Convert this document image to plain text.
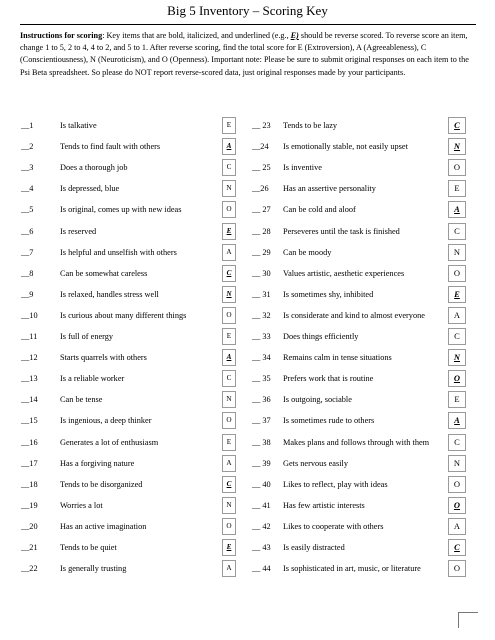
Big 5 Inventory – Scoring Key
Instructions for scoring: Key items that are bold, italicized, and underlined (e.g., E) should be reverse scored. To reverse score an item, change 1 to 5, 2 to 4, 4 to 2, and 5 to 1. After reverse scoring, find the total score for E (Extroversion), A (Agreeableness), C (Conscientiousness), N (Neuroticism), and O (Openness). Important note: Please be sure to submit original responses on each item to the Psi Beta spreadsheet. So please do NOT report reverse-scored data, just original responses made by your participants.
__1	Is talkative	E
__2	Tends to find fault with others	A
__3	Does a thorough job	C
__4	Is depressed, blue	N
__5	Is original, comes up with new ideas	O
__6	Is reserved	E
__7	Is helpful and unselfish with others	A
__8	Can be somewhat careless	C
__9	Is relaxed, handles stress well	N
__10	Is curious about many different things	O
__11	Is full of energy	E
__12	Starts quarrels with others	A
__13	Is a reliable worker	C
__14	Can be tense	N
__15	Is ingenious, a deep thinker	O
__16	Generates a lot of enthusiasm	E
__17	Has a forgiving nature	A
__18	Tends to be disorganized	C
__19	Worries a lot	N
__20	Has an active imagination	O
__21	Tends to be quiet	E
__22	Is generally trusting	A
__ 23 Tends to be lazy	C
__24 Is emotionally stable, not easily upset	N
__ 25 Is inventive	O
__26 Has an assertive personality	E
__ 27 Can be cold and aloof	A
__ 28 Perseveres until the task is finished	C
__ 29 Can be moody	N
__ 30 Values artistic, aesthetic experiences	O
__ 31 Is sometimes shy, inhibited	E
__ 32 Is considerate and kind to almost everyone	A
__ 33 Does things efficiently	C
__ 34 Remains calm in tense situations	N
__ 35 Prefers work that is routine	O
__ 36 Is outgoing, sociable	E
__ 37 Is sometimes rude to others	A
__ 38 Makes plans and follows through with them	C
__ 39 Gets nervous easily	N
__ 40 Likes to reflect, play with ideas	O
__ 41 Has few artistic interests	O
__ 42 Likes to cooperate with others	A
__ 43 Is easily distracted	C
__ 44 Is sophisticated in art, music, or literature	O
